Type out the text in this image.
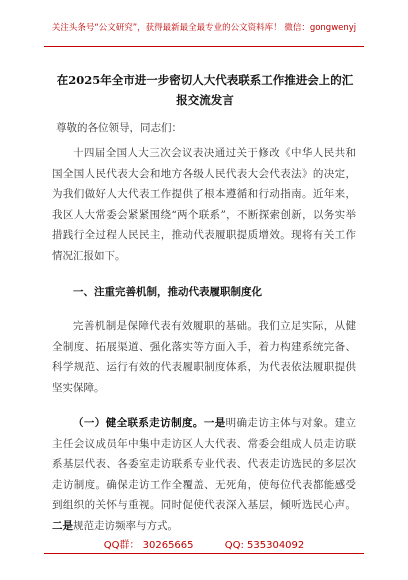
关注头条号“公文研究”，获得最新最全最专业的公文资料库！ 微信：gongwenyj
在2025年全市进一步密切人大代表联系工作推进会上的汇报交流发言
尊敬的各位领导，同志们：

十四届全国人大三次会议表决通过关于修改《中华人民共和国全国人民代表大会和地方各级人民代表大会代表法》的决定，为我们做好人大代表工作提供了根本遵循和行动指南。近年来，我区人大常委会紧紧围绕“两个联系”，不断探索创新，以务实举措践行全过程人民民主，推动代表履职提质增效。现将有关工作情况汇报如下。

一、注重完善机制，推动代表履职制度化

完善机制是保障代表有效履职的基础。我们立足实际，从健全制度、拓展渠道、强化落实等方面入手，着力构建系统完备、科学规范、运行有效的代表履职制度体系，为代表依法履职提供坚实保障。

（一）健全联系走访制度。一是明确走访主体与对象。建立主任会议成员年中集中走访区人大代表、常委会组成人员走访联系基层代表、各委室走访联系专业代表、代表走访选民的多层次走访制度。确保走访工作全覆盖、无死角，使每位代表都能感受到组织的关怀与重视。同时促使代表深入基层，倾听选民心声。二是规范走访频率与方式。

QQ群： 30265665	QQ: 535304092
